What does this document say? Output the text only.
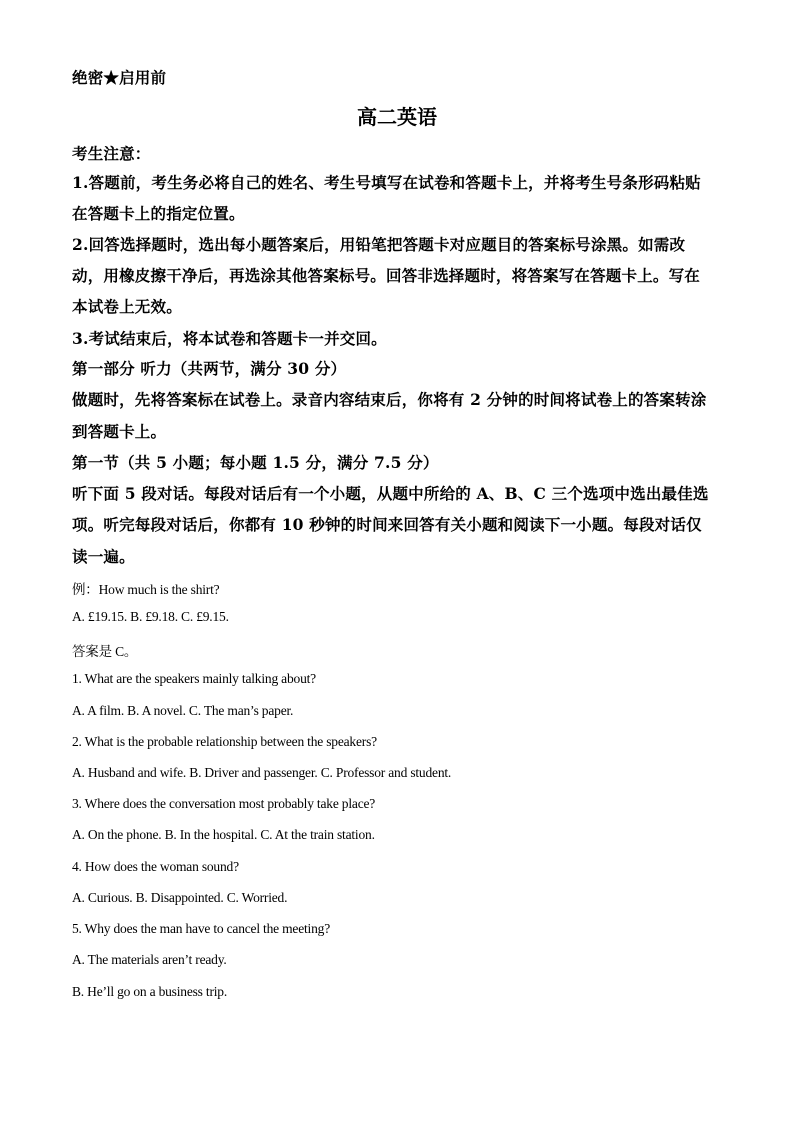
绝密★启用前
高二英语
考生注意：
1.答题前，考生务必将自己的姓名、考生号填写在试卷和答题卡上，并将考生号条形码粘贴
在答题卡上的指定位置。
2.回答选择题时，选出每小题答案后，用铅笔把答题卡对应题目的答案标号涂黑。如需改
动，用橡皮擦干净后，再选涂其他答案标号。回答非选择题时，将答案写在答题卡上。写在
本试卷上无效。
3.考试结束后，将本试卷和答题卡一并交回。
第一部分 听力（共两节，满分 30 分）
做题时，先将答案标在试卷上。录音内容结束后，你将有 2 分钟的时间将试卷上的答案转涂
到答题卡上。
第一节（共 5 小题；每小题 1.5 分，满分 7.5 分）
听下面 5 段对话。每段对话后有一个小题，从题中所给的 A、B、C 三个选项中选出最佳选
项。听完每段对话后，你都有 10 秒钟的时间来回答有关小题和阅读下一小题。每段对话仅
读一遍。
例：How much is the shirt?
A. £19.15. B. £9.18. C. £9.15.
答案是 C。
1. What are the speakers mainly talking about?
A. A film. B. A novel. C. The man’s paper.
2. What is the probable relationship between the speakers?
A. Husband and wife. B. Driver and passenger. C. Professor and student.
3. Where does the conversation most probably take place?
A. On the phone. B. In the hospital. C. At the train station.
4. How does the woman sound?
A. Curious. B. Disappointed. C. Worried.
5. Why does the man have to cancel the meeting?
A. The materials aren’t ready.
B. He’ll go on a business trip.
